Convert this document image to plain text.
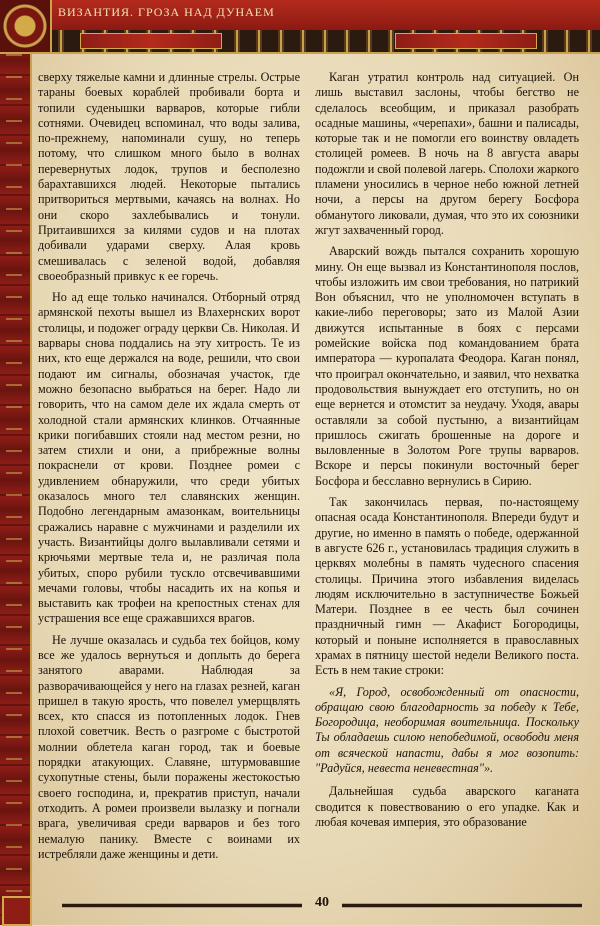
ВИЗАНТИЯ. ГРОЗА НАД ДУНАЕМ

сверху тяжелые камни и длинные стрелы. Острые тараны боевых кораблей пробивали борта и топили суденышки варваров, которые гибли сотнями. Очевидец вспоминал, что воды залива, по-прежнему, напоминали сушу, но теперь потому, что слишком много было в волнах перевернутых лодок, трупов и бесполезно барахтавшихся людей. Некоторые пытались притвориться мертвыми, качаясь на волнах. Но они скоро захлебывались и тонули. Притаившихся за килями судов и на плотах добивали ударами сверху. Алая кровь смешивалась с зеленой водой, добавляя своеобразный привкус к ее горечь.

Но ад еще только начинался. Отборный отряд армянской пехоты вышел из Влахернских ворот столицы, и подожег ограду церкви Св. Николая. И варвары снова поддались на эту хитрость. Те из них, кто еще держался на воде, решили, что свои подают им сигналы, обозначая участок, где можно безопасно выбраться на берег. Надо ли говорить, что на самом деле их ждала смерть от холодной стали армянских клинков. Отчаянные крики погибавших стояли над местом резни, но затем стихли и они, а прибрежные волны покраснели от крови. Позднее ромеи с удивлением обнаружили, что среди убитых оказалось много тел славянских женщин. Подобно легендарным амазонкам, воительницы сражались наравне с мужчинами и разделили их участь. Византийцы долго вылавливали сетями и крючьями мертвые тела и, не различая пола убитых, споро рубили тускло отсвечивавшими мечами головы, чтобы насадить их на копья и выставить как трофеи на крепостных стенах для устрашения все еще сражавшихся врагов.

Не лучше оказалась и судьба тех бойцов, кому все же удалось вернуться и доплыть до берега занятого аварами. Наблюдая за разворачивающейся у него на глазах резней, каган пришел в такую ярость, что повелел умерщвлять всех, кто спасся из потопленных лодок. Гнев плохой советчик. Весть о разгроме с быстротой молнии облетела каган город, так и боевые порядки атакующих. Славяне, штурмовавшие сухопутные стены, были поражены жестокостью своего господина, и, прекратив приступ, начали отходить. А ромеи произвели вылазку и погнали врага, увеличивая среди варваров и без того немалую панику. Вместе с воинами их истребляли даже женщины и дети.

Каган утратил контроль над ситуацией. Он лишь выставил заслоны, чтобы бегство не сделалось всеобщим, и приказал разобрать осадные машины, «черепахи», башни и палисады, которые так и не помогли его воинству овладеть столицей ромеев. В ночь на 8 августа авары подожгли и свой полевой лагерь. Сполохи жаркого пламени уносились в черное небо южной летней ночи, а персы на другом берегу Босфора обманутого ликовали, думая, что это их союзники жгут захваченный город.

Аварский вождь пытался сохранить хорошую мину. Он еще вызвал из Константинополя послов, чтобы изложить им свои требования, но патрикий Вон объяснил, что не уполномочен вступать в какие-либо переговоры; зато из Малой Азии движутся испытанные в боях с персами ромейские войска под командованием брата императора — куропалата Феодора. Каган понял, что проиграл окончательно, и заявил, что нехватка продовольствия вынуждает его отступить, но он еще вернется и отомстит за неудачу. Уходя, авары оставляли за собой пустыню, а византийцам пришлось сжигать брошенные на дороге и выловленные в Золотом Роге трупы варваров. Вскоре и персы покинули восточный берег Босфора и бесславно вернулись в Сирию.

Так закончилась первая, по-настоящему опасная осада Константинополя. Впереди будут и другие, но именно в память о победе, одержанной в августе 626 г., установилась традиция служить в церквях молебны в память чудесного спасения столицы. Причина этого избавления виделась людям исключительно в заступничестве Божьей Матери. Позднее в ее честь был сочинен праздничный гимн — Акафист Богородицы, который и поныне исполняется в православных храмах в пятницу шестой недели Великого поста. Есть в нем такие строки:

«Я, Город, освобожденный от опасности, обращаю свою благодарность за победу к Тебе, Богородица, необоримая воительница. Поскольку Ты обладаешь силою непобедимой, освободи меня от всяческой напасти, дабы я мог возопить: "Радуйся, невеста неневестная"».

Дальнейшая судьба аварского каганата сводится к повествованию о его упадке. Как и любая кочевая империя, это образование

40
